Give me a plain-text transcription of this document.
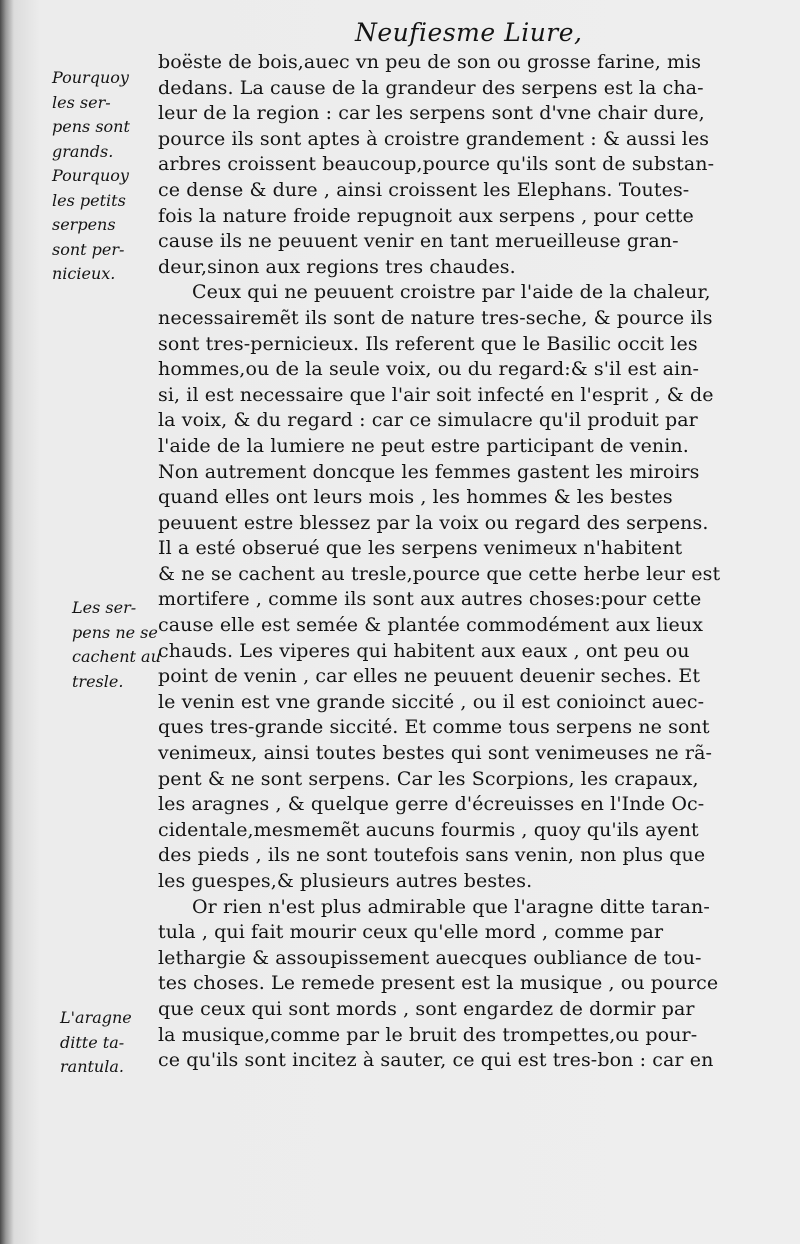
Neufiesme Liure,
Pourquoy
les ser-
pens sont
grands.
Pourquoy
les petits
serpens
sont per-
nicieux.
Les ser-
pens ne se
cachent au
tresle.
L'aragne
ditte ta-
rantula.
boëste de bois,auec vn peu de son ou grosse farine, mis
dedans. La cause de la grandeur des serpens est la cha-
leur de la region : car les serpens sont d'vne chair dure,
pource ils sont aptes à croistre grandement : & aussi les
arbres croissent beaucoup,pource qu'ils sont de substan-
ce dense & dure , ainsi croissent les Elephans. Toutes-
fois la nature froide repugnoit aux serpens , pour cette
cause ils ne peuuent venir en tant merueilleuse gran-
deur,sinon aux regions tres chaudes.
Ceux qui ne peuuent croistre par l'aide de la chaleur,
necessairemẽt ils sont de nature tres-seche, & pource ils
sont tres-pernicieux. Ils referent que le Basilic occit les
hommes,ou de la seule voix, ou du regard:& s'il est ain-
si, il est necessaire que l'air soit infecté en l'esprit , & de
la voix, & du regard : car ce simulacre qu'il produit par
l'aide de la lumiere ne peut estre participant de venin.
Non autrement doncque les femmes gastent les miroirs
quand elles ont leurs mois , les hommes & les bestes
peuuent estre blessez par la voix ou regard des serpens.
Il a esté obserué que les serpens venimeux n'habitent
& ne se cachent au tresle,pource que cette herbe leur est
mortifere , comme ils sont aux autres choses:pour cette
cause elle est semée & plantée commodément aux lieux
chauds. Les viperes qui habitent aux eaux , ont peu ou
point de venin , car elles ne peuuent deuenir seches. Et
le venin est vne grande siccité , ou il est conioinct auec-
ques tres-grande siccité. Et comme tous serpens ne sont
venimeux, ainsi toutes bestes qui sont venimeuses ne rã-
pent & ne sont serpens. Car les Scorpions, les crapaux,
les aragnes , & quelque gerre d'écreuisses en l'Inde Oc-
cidentale,mesmemẽt aucuns fourmis , quoy qu'ils ayent
des pieds , ils ne sont toutefois sans venin, non plus que
les guespes,& plusieurs autres bestes.
Or rien n'est plus admirable que l'aragne ditte taran-
tula , qui fait mourir ceux qu'elle mord , comme par
lethargie & assoupissement auecques oubliance de tou-
tes choses. Le remede present est la musique , ou pource
que ceux qui sont mords , sont engardez de dormir par
la musique,comme par le bruit des trompettes,ou pour-
ce qu'ils sont incitez à sauter, ce qui est tres-bon : car en
